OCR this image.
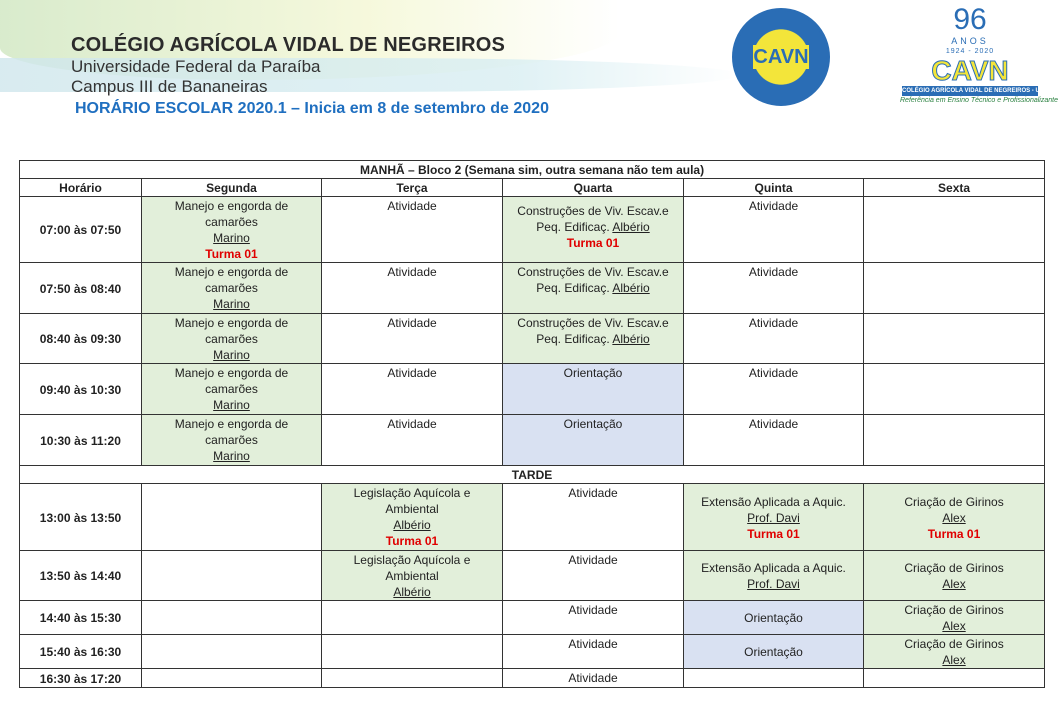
COLÉGIO AGRÍCOLA VIDAL DE NEGREIROS
Universidade Federal da Paraíba
Campus III de Bananeiras
HORÁRIO ESCOLAR 2020.1 – Inicia em 8 de setembro de 2020
CAVN
96
ANOS
1924 - 2020
CAVN
COLÉGIO AGRÍCOLA VIDAL DE NEGREIROS - UFPB
Referência em Ensino Técnico e Profissionalizante
MANHÃ – Bloco 2 (Semana sim, outra semana não tem aula)					
Horário	Segunda	Terça	Quarta	Quinta	Sexta
07:00 às 07:50	Manejo e engorda de
camarões
Marino
Turma 01	Atividade	Construções de Viv. Escav.e
Peq. Edificaç. Albério
Turma 01	Atividade	

07:50 às 08:40	Manejo e engorda de
camarões
Marino	Atividade	Construções de Viv. Escav.e
Peq. Edificaç. Albério	Atividade	

08:40 às 09:30	Manejo e engorda de
camarões
Marino	Atividade	Construções de Viv. Escav.e
Peq. Edificaç. Albério	Atividade	

09:40 às 10:30	Manejo e engorda de
camarões
Marino	Atividade	Orientação	Atividade	

10:30 às 11:20	Manejo e engorda de
camarões
Marino	Atividade	Orientação	Atividade	

TARDE					
13:00 às 13:50		Legislação Aquícola e
Ambiental
Albério
Turma 01	Atividade	Extensão Aplicada a Aquic.
Prof. Davi
Turma 01	Criação de Girinos
Alex
Turma 01

13:50 às 14:40		Legislação Aquícola e
Ambiental
Albério	Atividade	Extensão Aplicada a Aquic.
Prof. Davi	Criação de Girinos
Alex

14:40 às 15:30			Atividade	Orientação	Criação de Girinos
Alex

15:40 às 16:30			Atividade	Orientação	Criação de Girinos
Alex

16:30 às 17:20			Atividade		
